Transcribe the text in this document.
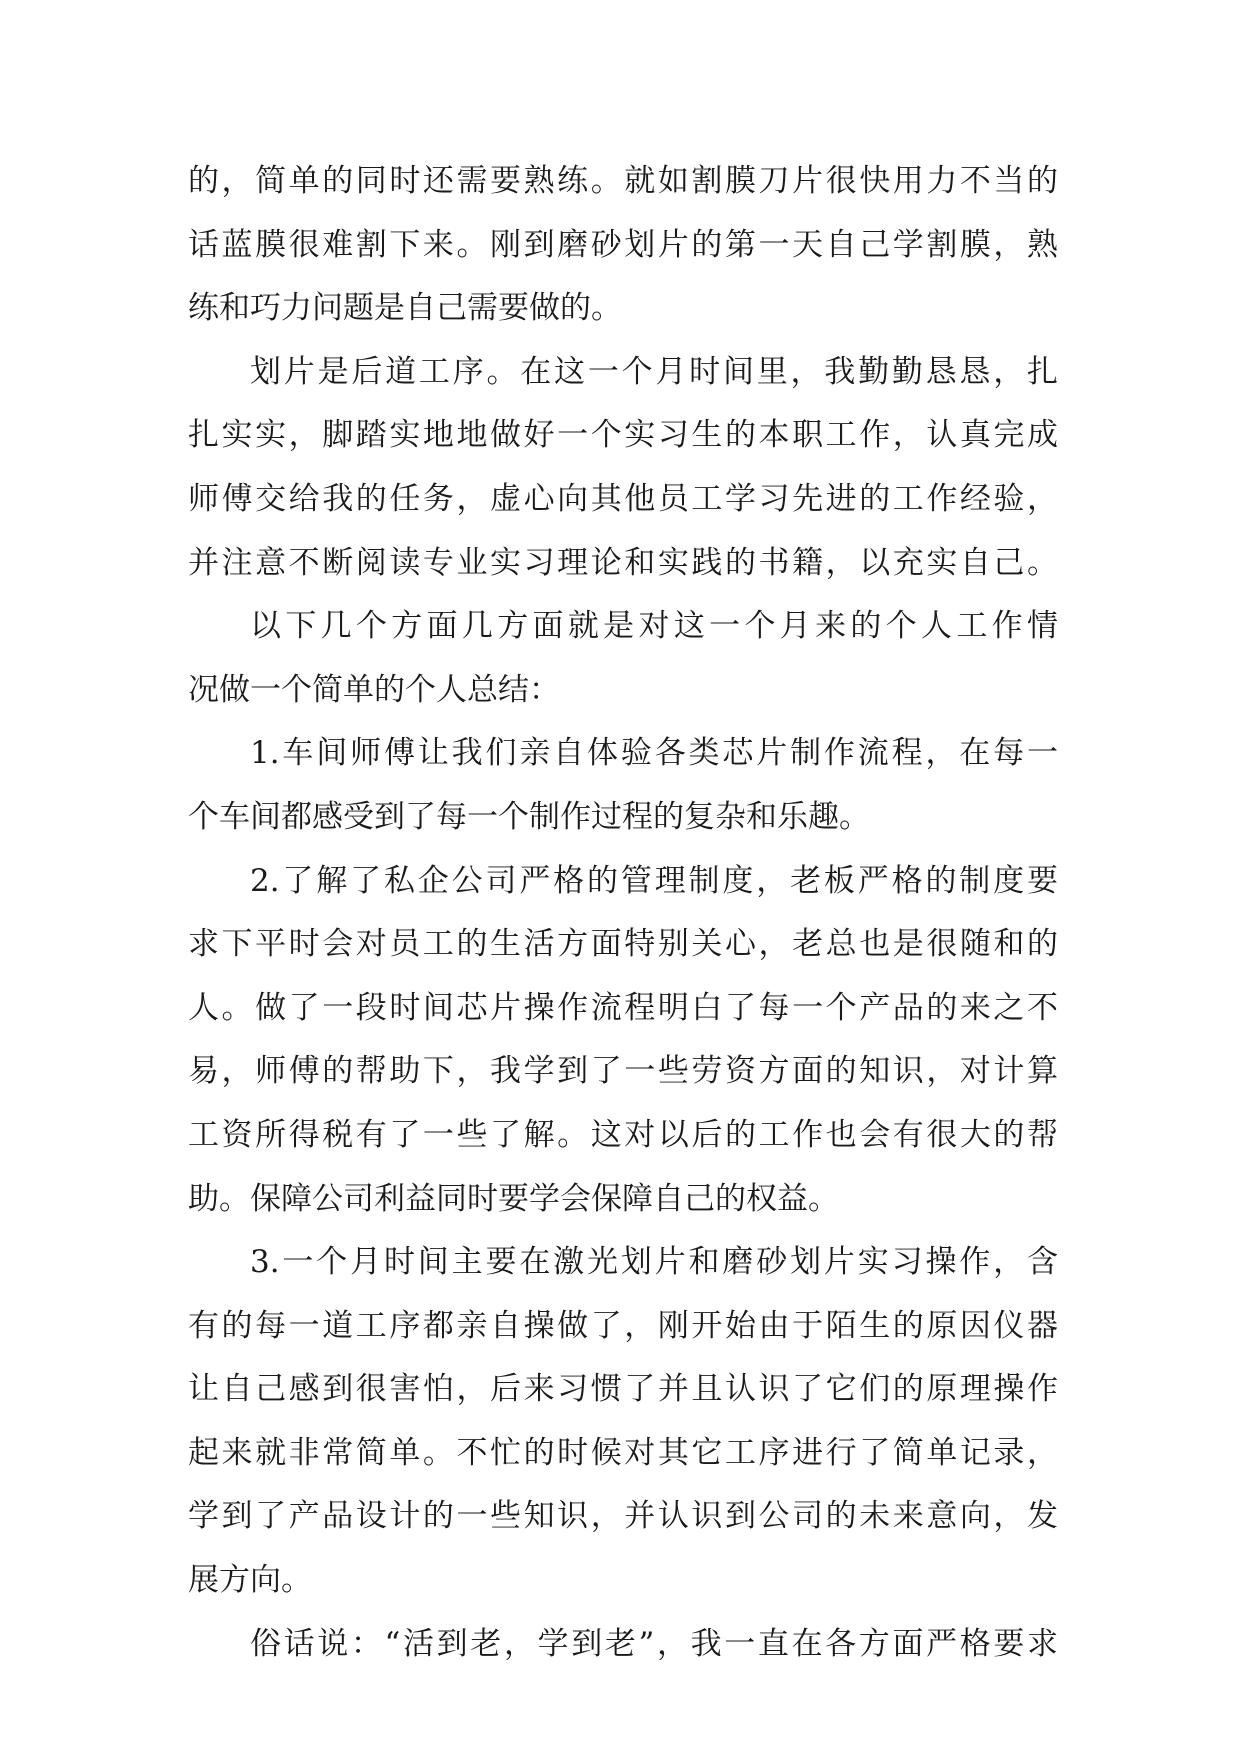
的，简单的同时还需要熟练。就如割膜刀片很快用力不当的
话蓝膜很难割下来。刚到磨砂划片的第一天自己学割膜，熟
练和巧力问题是自己需要做的。
划片是后道工序。在这一个月时间里，我勤勤恳恳，扎
扎实实，脚踏实地地做好一个实习生的本职工作，认真完成
师傅交给我的任务，虚心向其他员工学习先进的工作经验，
并注意不断阅读专业实习理论和实践的书籍，以充实自己。
以下几个方面几方面就是对这一个月来的个人工作情
况做一个简单的个人总结：
1.车间师傅让我们亲自体验各类芯片制作流程，在每一
个车间都感受到了每一个制作过程的复杂和乐趣。
2.了解了私企公司严格的管理制度，老板严格的制度要
求下平时会对员工的生活方面特别关心，老总也是很随和的
人。做了一段时间芯片操作流程明白了每一个产品的来之不
易，师傅的帮助下，我学到了一些劳资方面的知识，对计算
工资所得税有了一些了解。这对以后的工作也会有很大的帮
助。保障公司利益同时要学会保障自己的权益。
3.一个月时间主要在激光划片和磨砂划片实习操作，含
有的每一道工序都亲自操做了，刚开始由于陌生的原因仪器
让自己感到很害怕，后来习惯了并且认识了它们的原理操作
起来就非常简单。不忙的时候对其它工序进行了简单记录，
学到了产品设计的一些知识，并认识到公司的未来意向，发
展方向。
俗话说：“活到老，学到老”，我一直在各方面严格要求
